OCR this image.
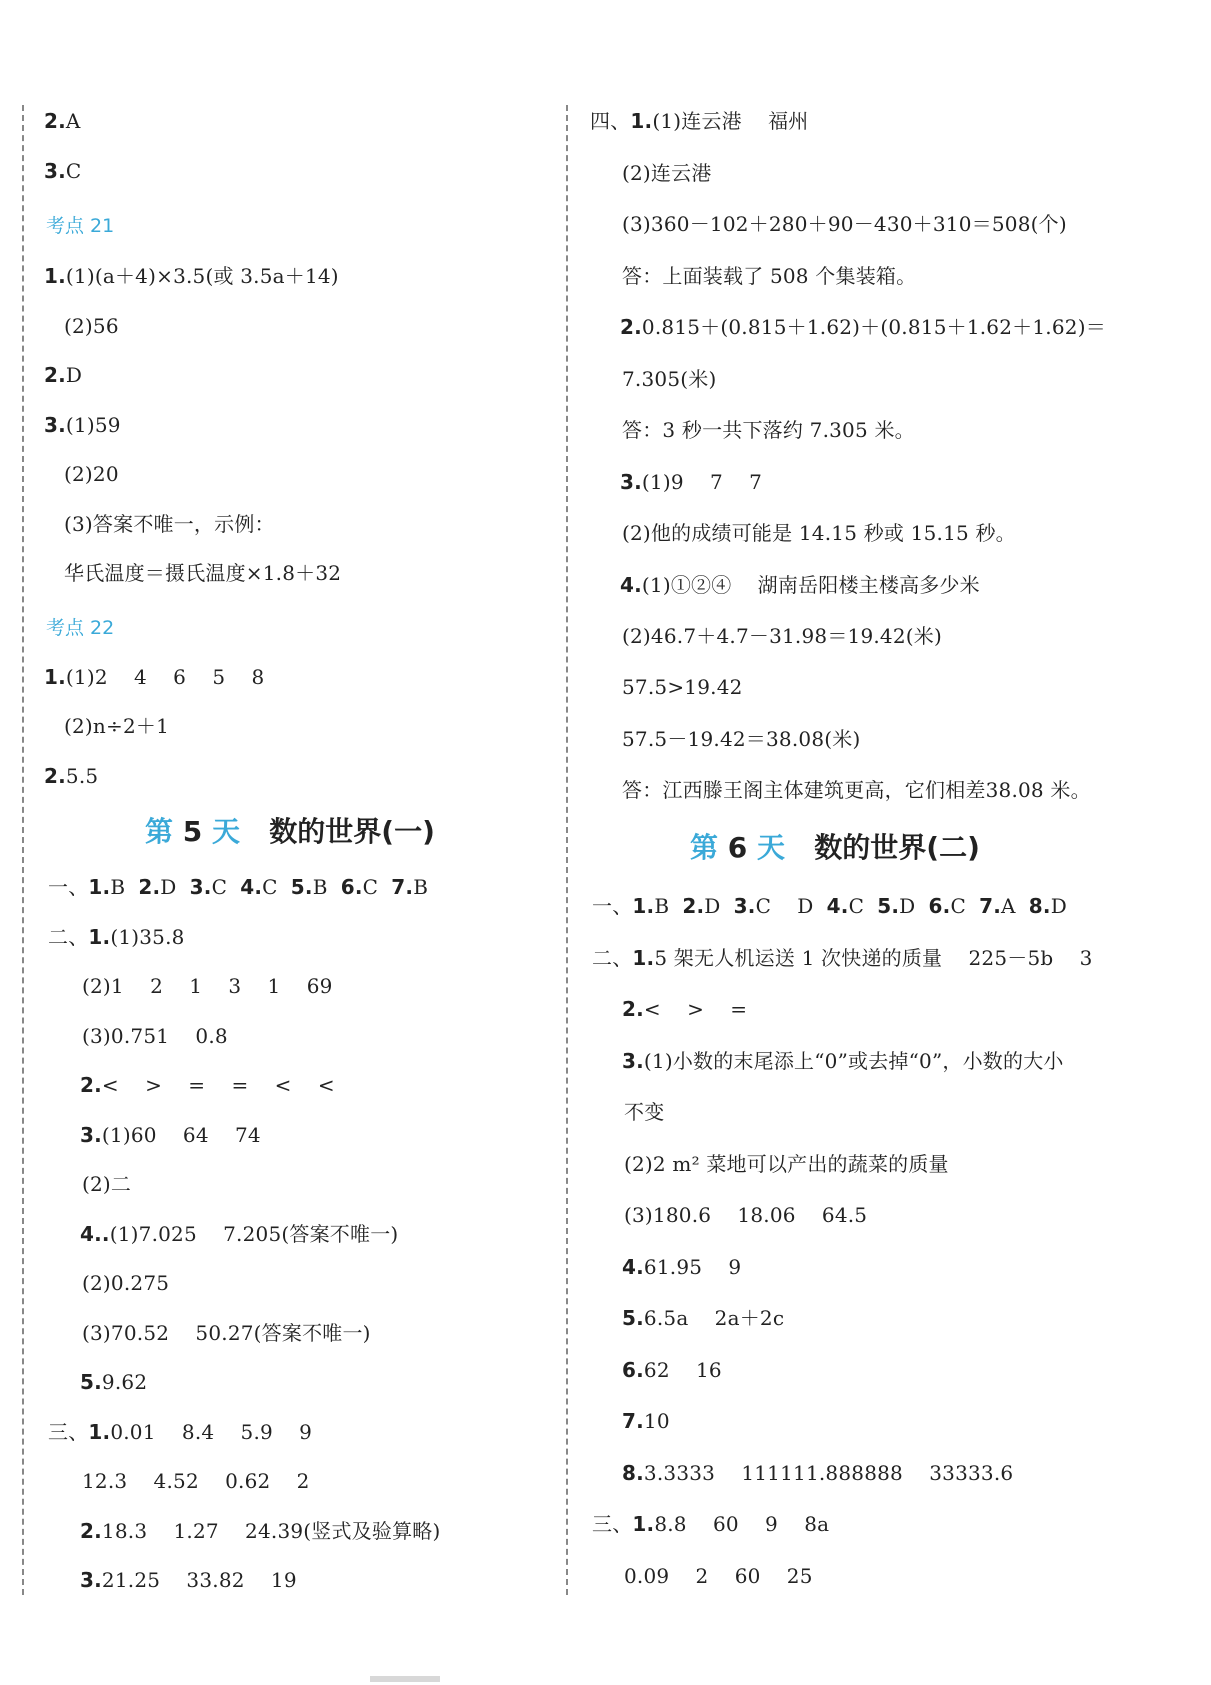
2.A
3.C
考点 21
1.(1)(a＋4)×3.5(或 3.5a＋14)
(2)56
2.D
3.(1)59
(2)20
(3)答案不唯一，示例：
华氏温度＝摄氏温度×1.8＋32
考点 22
1.(1)2    4    6    5    8
(2)n÷2＋1
2.5.5
第 5 天 数的世界(一)
一、1.B 2.D 3.C 4.C 5.B 6.C 7.B
二、1.(1)35.8
(2)1    2    1    3    1    69
(3)0.751    0.8
2.<    >    =    =    <    <
3.(1)60    64    74
(2)二
4..(1)7.025    7.205(答案不唯一)
(2)0.275
(3)70.52    50.27(答案不唯一)
5.9.62
三、1.0.01    8.4    5.9    9
12.3    4.52    0.62    2
2.18.3    1.27    24.39(竖式及验算略)
3.21.25    33.82    19
四、1.(1)连云港    福州
(2)连云港
(3)360－102＋280＋90－430＋310＝508(个)
答：上面装载了 508 个集装箱。
2.0.815＋(0.815＋1.62)＋(0.815＋1.62＋1.62)＝
7.305(米)
答：3 秒一共下落约 7.305 米。
3.(1)9    7    7
(2)他的成绩可能是 14.15 秒或 15.15 秒。
4.(1)①②④    湖南岳阳楼主楼高多少米
(2)46.7＋4.7－31.98＝19.42(米)
57.5>19.42
57.5－19.42＝38.08(米)
答：江西滕王阁主体建筑更高，它们相差38.08 米。
第 6 天 数的世界(二)
一、1.B 2.D 3.C    D 4.C 5.D 6.C 7.A 8.D
二、1.5 架无人机运送 1 次快递的质量    225－5b    3
2.<    >    =
3.(1)小数的末尾添上“0”或去掉“0”，小数的大小
不变
(2)2 m² 菜地可以产出的蔬菜的质量
(3)180.6    18.06    64.5
4.61.95    9
5.6.5a    2a＋2c
6.62    16
7.10
8.3.3333    111111.888888    33333.6
三、1.8.8    60    9    8a
0.09    2    60    25
